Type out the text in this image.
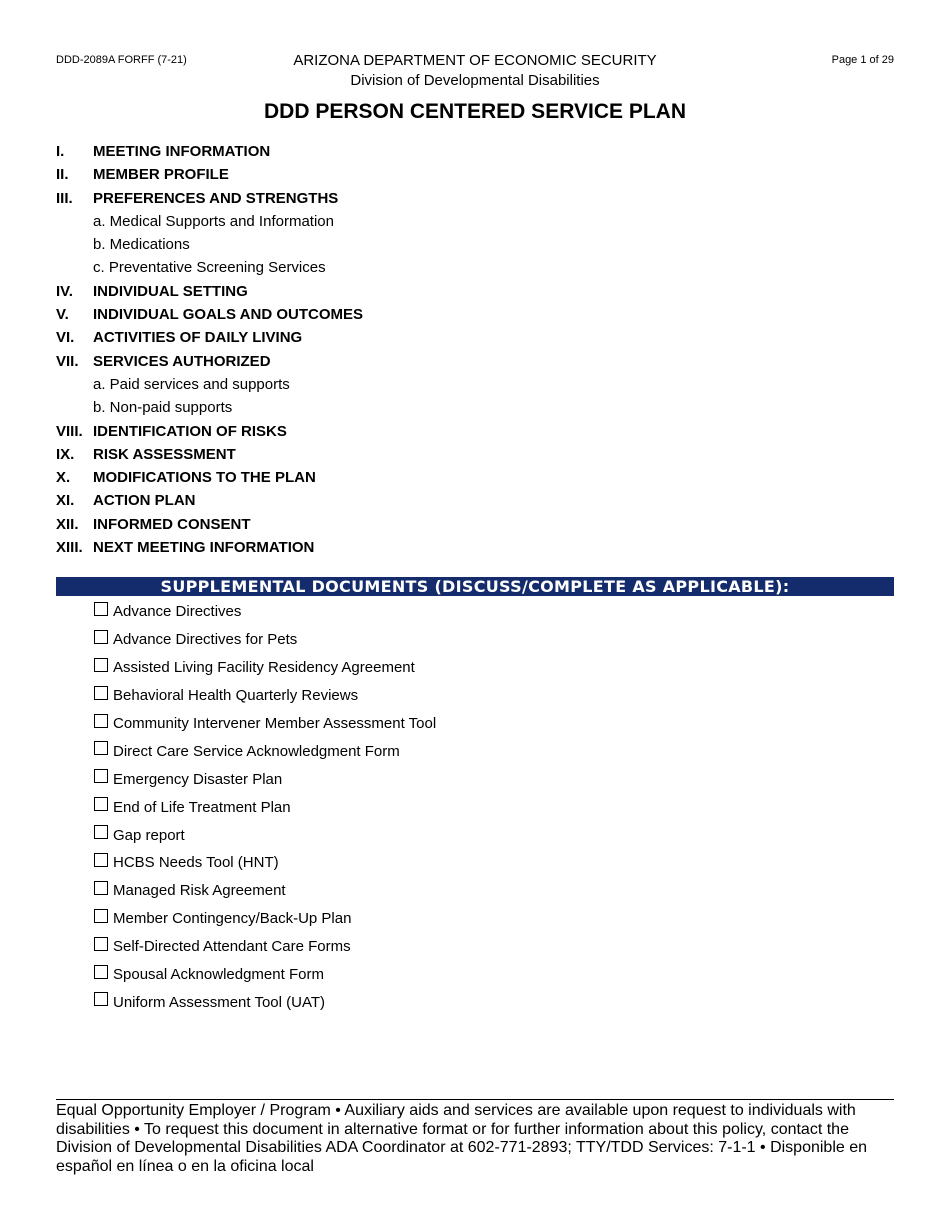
DDD-2089A FORFF (7-21)	ARIZONA DEPARTMENT OF ECONOMIC SECURITY
Division of Developmental Disabilities
Page 1 of 29
DDD PERSON CENTERED SERVICE PLAN
I. MEETING INFORMATION
II. MEMBER PROFILE
III. PREFERENCES AND STRENGTHS
a. Medical Supports and Information
b. Medications
c. Preventative Screening Services
IV. INDIVIDUAL SETTING
V. INDIVIDUAL GOALS AND OUTCOMES
VI. ACTIVITIES OF DAILY LIVING
VII. SERVICES AUTHORIZED
a. Paid services and supports
b. Non-paid supports
VIII. IDENTIFICATION OF RISKS
IX. RISK ASSESSMENT
X. MODIFICATIONS TO THE PLAN
XI. ACTION PLAN
XII. INFORMED CONSENT
XIII. NEXT MEETING INFORMATION
SUPPLEMENTAL DOCUMENTS (DISCUSS/COMPLETE AS APPLICABLE):
Advance Directives
Advance Directives for Pets
Assisted Living Facility Residency Agreement
Behavioral Health Quarterly Reviews
Community Intervener Member Assessment Tool
Direct Care Service Acknowledgment Form
Emergency Disaster Plan
End of Life Treatment Plan
Gap report
HCBS Needs Tool (HNT)
Managed Risk Agreement
Member Contingency/Back-Up Plan
Self-Directed Attendant Care Forms
Spousal Acknowledgment Form
Uniform Assessment Tool (UAT)

Equal Opportunity Employer / Program • Auxiliary aids and services are available upon request to individuals with disabilities • To request this document in alternative format or for further information about this policy, contact the Division of Developmental Disabilities ADA Coordinator at 602-771-2893; TTY/TDD Services: 7-1-1 • Disponible en español en línea o en la oficina local
